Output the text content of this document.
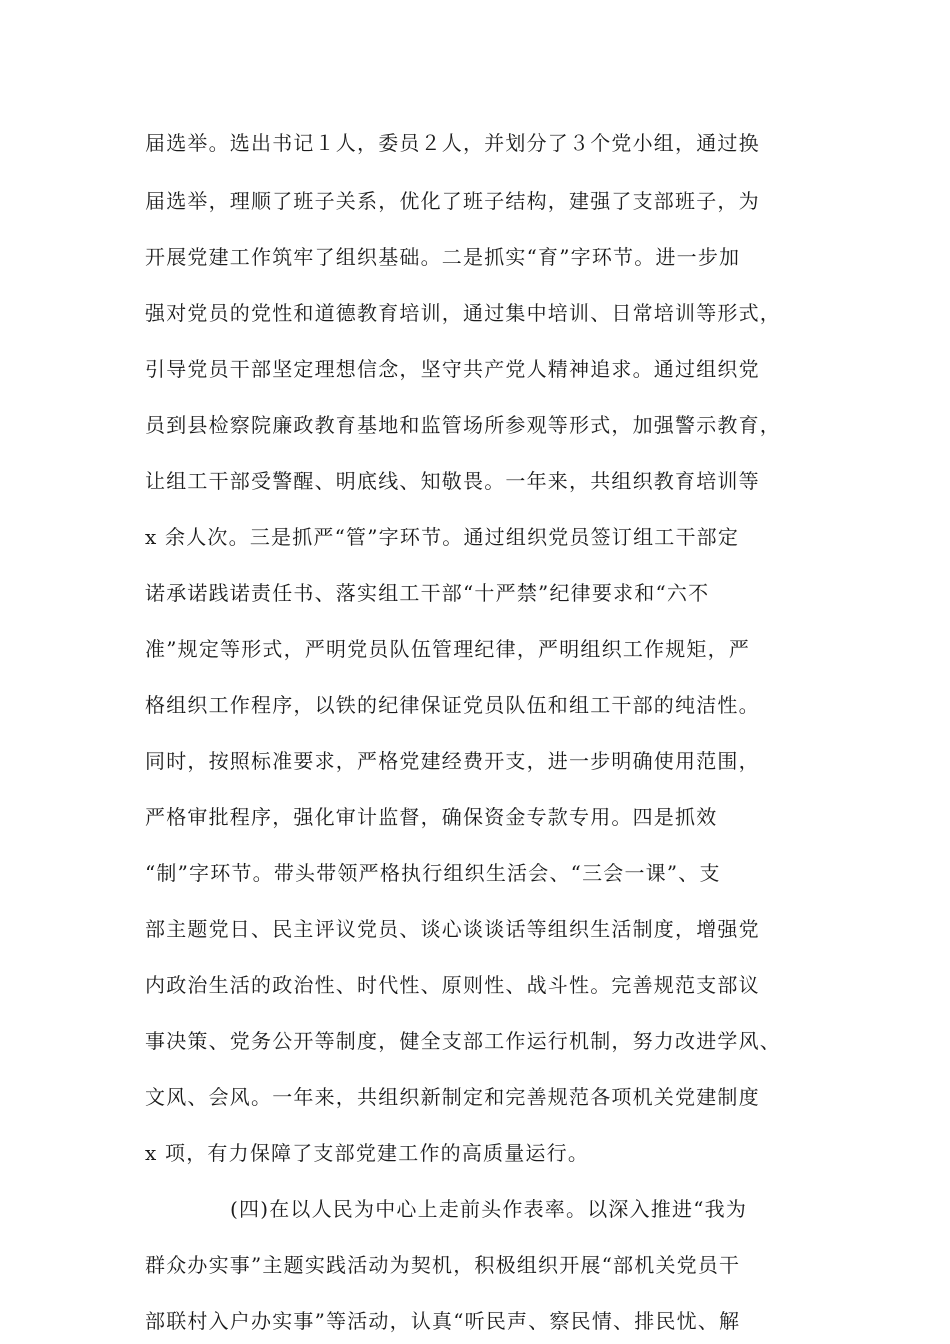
届选举。选出书记１人，委员２人，并划分了３个党小组，通过换
届选举，理顺了班子关系，优化了班子结构，建强了支部班子，为
开展党建工作筑牢了组织基础。二是抓实“育”字环节。进一步加
强对党员的党性和道德教育培训，通过集中培训、日常培训等形式，
引导党员干部坚定理想信念，坚守共产党人精神追求。通过组织党
员到县检察院廉政教育基地和监管场所参观等形式，加强警示教育，
让组工干部受警醒、明底线、知敬畏。一年来，共组织教育培训等
x 余人次。三是抓严“管”字环节。通过组织党员签订组工干部定
诺承诺践诺责任书、落实组工干部“十严禁”纪律要求和“六不
准”规定等形式，严明党员队伍管理纪律，严明组织工作规矩，严
格组织工作程序，以铁的纪律保证党员队伍和组工干部的纯洁性。
同时，按照标准要求，严格党建经费开支，进一步明确使用范围，
严格审批程序，强化审计监督，确保资金专款专用。四是抓效
“制”字环节。带头带领严格执行组织生活会、“三会一课”、支
部主题党日、民主评议党员、谈心谈谈话等组织生活制度，增强党
内政治生活的政治性、时代性、原则性、战斗性。完善规范支部议
事决策、党务公开等制度，健全支部工作运行机制，努力改进学风、
文风、会风。一年来，共组织新制定和完善规范各项机关党建制度
x 项，有力保障了支部党建工作的高质量运行。
(四)在以人民为中心上走前头作表率。以深入推进“我为
群众办实事”主题实践活动为契机，积极组织开展“部机关党员干
部联村入户办实事”等活动，认真“听民声、察民情、排民忧、解
